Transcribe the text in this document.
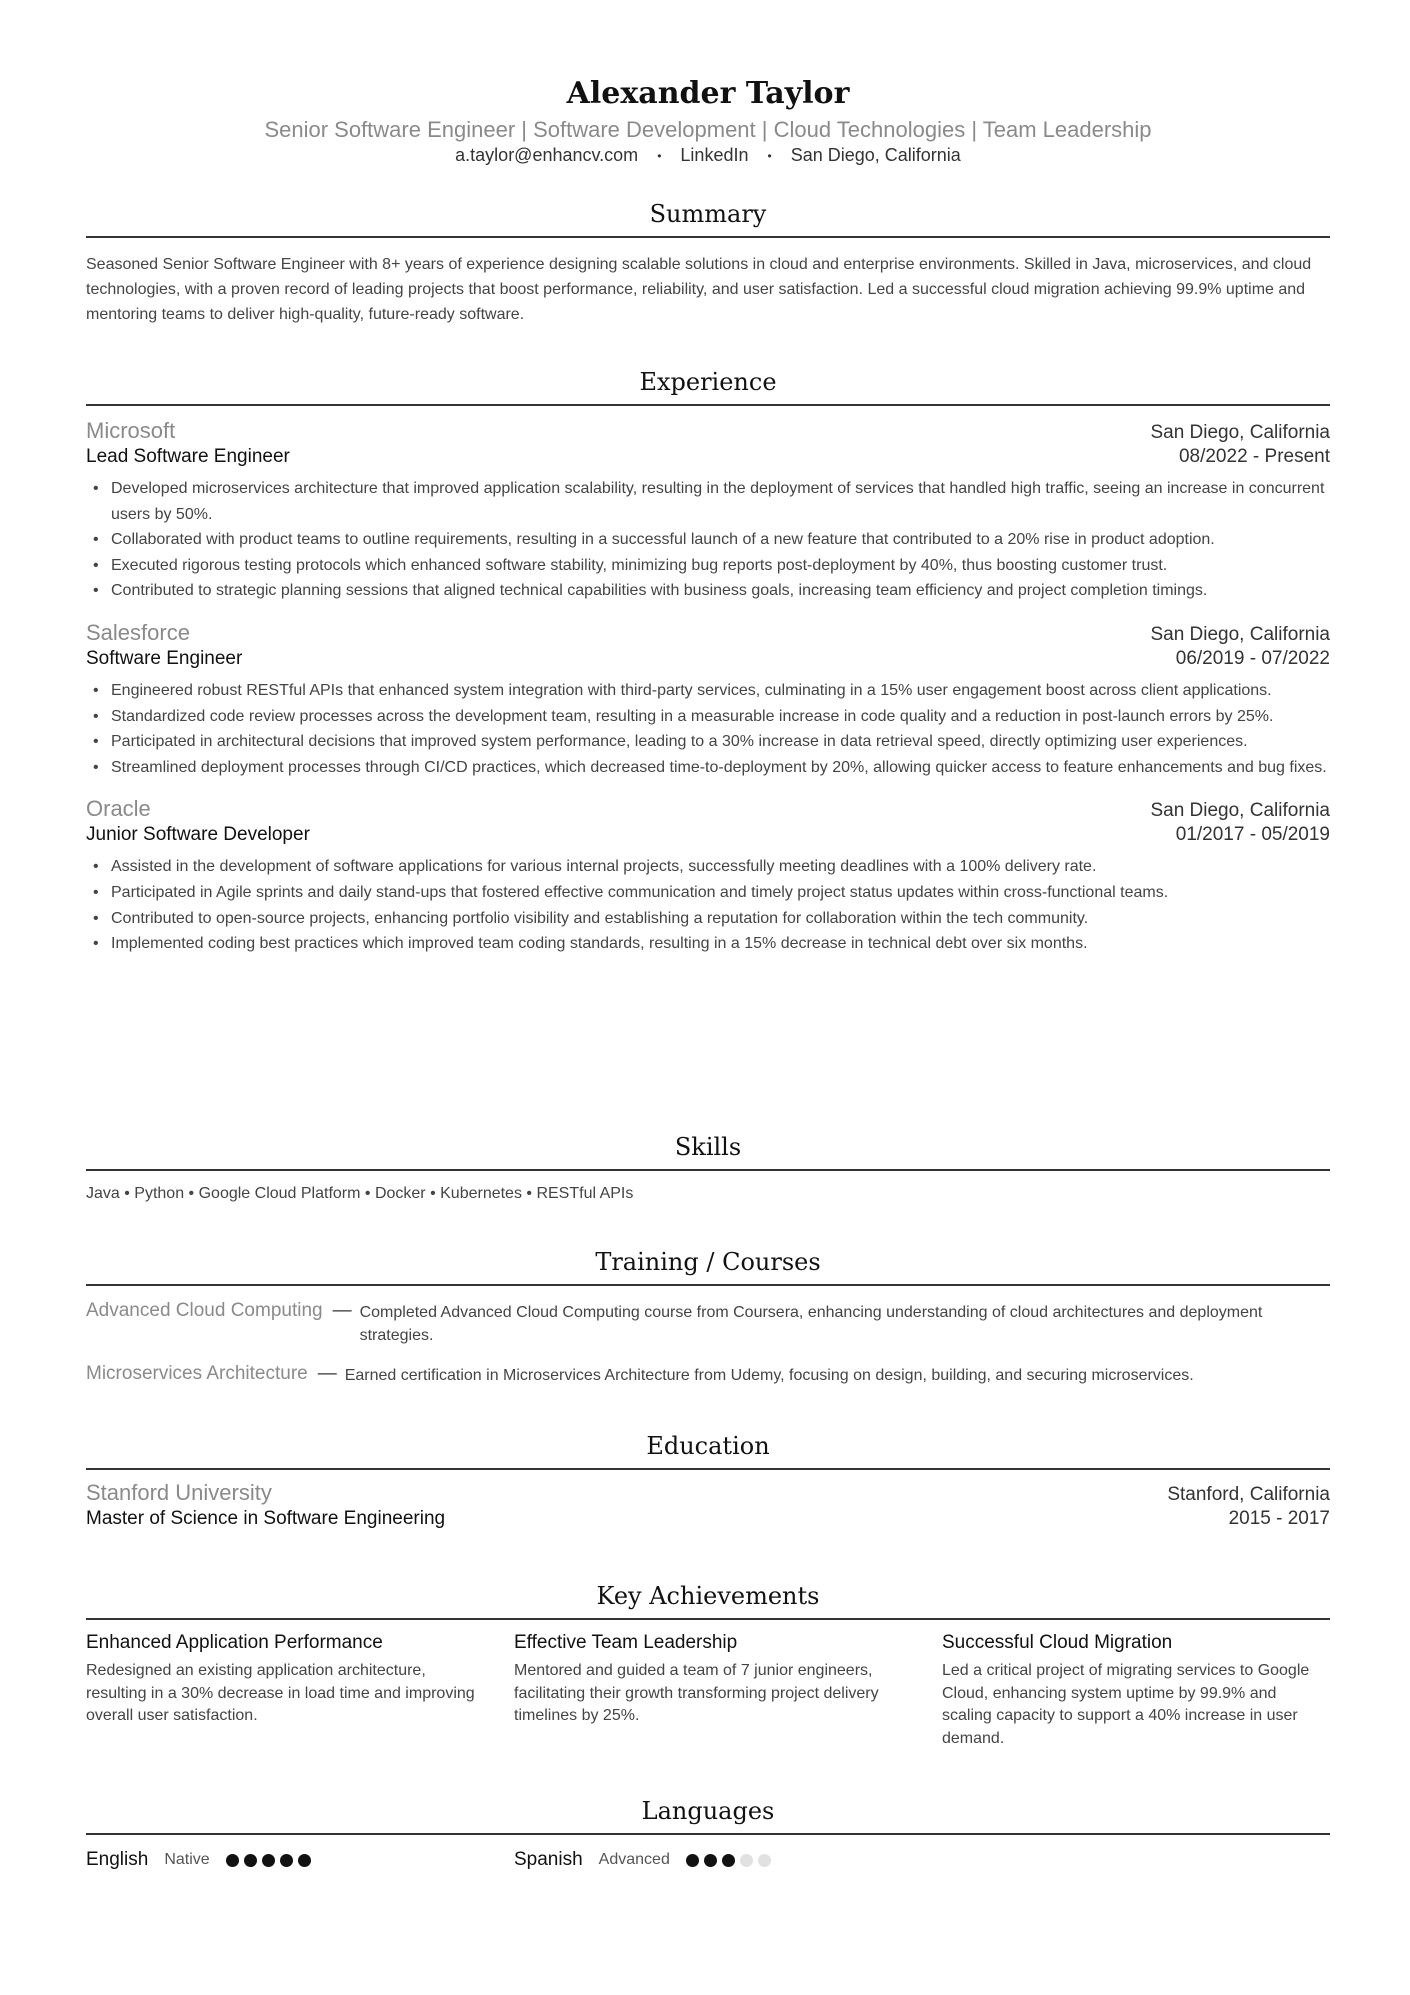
Alexander Taylor
Senior Software Engineer | Software Development | Cloud Technologies | Team Leadership
a.taylor@enhancv.com • LinkedIn • San Diego, California
Summary
Seasoned Senior Software Engineer with 8+ years of experience designing scalable solutions in cloud and enterprise environments. Skilled in Java, microservices, and cloud technologies, with a proven record of leading projects that boost performance, reliability, and user satisfaction. Led a successful cloud migration achieving 99.9% uptime and mentoring teams to deliver high-quality, future-ready software.
Experience
Microsoft	San Diego, California
Lead Software Engineer	08/2022 - Present
• Developed microservices architecture that improved application scalability, resulting in the deployment of services that handled high traffic, seeing an increase in concurrent users by 50%.
• Collaborated with product teams to outline requirements, resulting in a successful launch of a new feature that contributed to a 20% rise in product adoption.
• Executed rigorous testing protocols which enhanced software stability, minimizing bug reports post-deployment by 40%, thus boosting customer trust.
• Contributed to strategic planning sessions that aligned technical capabilities with business goals, increasing team efficiency and project completion timings.
Salesforce	San Diego, California
Software Engineer	06/2019 - 07/2022
• Engineered robust RESTful APIs that enhanced system integration with third-party services, culminating in a 15% user engagement boost across client applications.
• Standardized code review processes across the development team, resulting in a measurable increase in code quality and a reduction in post-launch errors by 25%.
• Participated in architectural decisions that improved system performance, leading to a 30% increase in data retrieval speed, directly optimizing user experiences.
• Streamlined deployment processes through CI/CD practices, which decreased time-to-deployment by 20%, allowing quicker access to feature enhancements and bug fixes.
Oracle	San Diego, California
Junior Software Developer	01/2017 - 05/2019
• Assisted in the development of software applications for various internal projects, successfully meeting deadlines with a 100% delivery rate.
• Participated in Agile sprints and daily stand-ups that fostered effective communication and timely project status updates within cross-functional teams.
• Contributed to open-source projects, enhancing portfolio visibility and establishing a reputation for collaboration within the tech community.
• Implemented coding best practices which improved team coding standards, resulting in a 15% decrease in technical debt over six months.
Skills
Java • Python • Google Cloud Platform • Docker • Kubernetes • RESTful APIs
Training / Courses
Advanced Cloud Computing — Completed Advanced Cloud Computing course from Coursera, enhancing understanding of cloud architectures and deployment strategies.
Microservices Architecture — Earned certification in Microservices Architecture from Udemy, focusing on design, building, and securing microservices.
Education
Stanford University	Stanford, California
Master of Science in Software Engineering	2015 - 2017
Key Achievements
Enhanced Application Performance
Redesigned an existing application architecture, resulting in a 30% decrease in load time and improving overall user satisfaction.
Effective Team Leadership
Mentored and guided a team of 7 junior engineers, facilitating their growth transforming project delivery timelines by 25%.
Successful Cloud Migration
Led a critical project of migrating services to Google Cloud, enhancing system uptime by 99.9% and scaling capacity to support a 40% increase in user demand.
Languages
English Native	Spanish Advanced
